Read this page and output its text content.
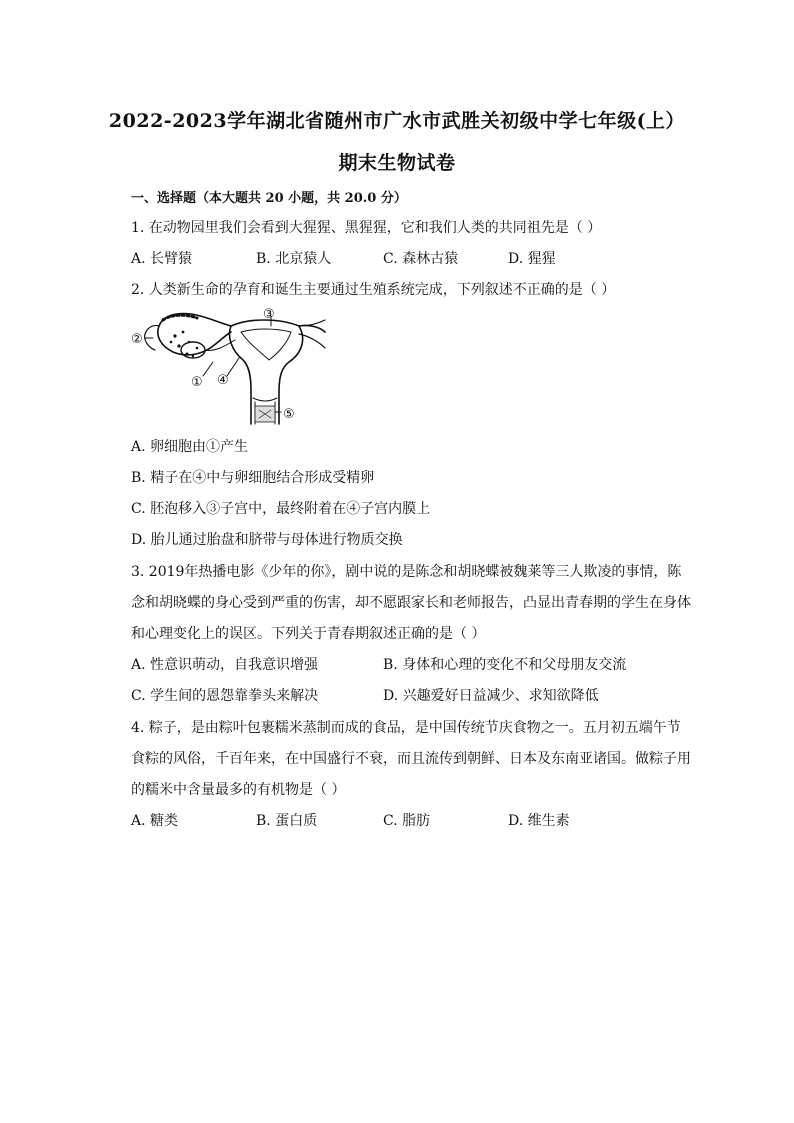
2022-2023学年湖北省随州市广水市武胜关初级中学七年级(上）
期末生物试卷
一、选择题（本大题共 20 小题，共 20.0 分）
1. 在动物园里我们会看到大猩猩、黑猩猩，它和我们人类的共同祖先是（ ）
A. 长臂猿	B. 北京猿人	C. 森林古猿	D. 猩猩
2. 人类新生命的孕育和诞生主要通过生殖系统完成，下列叙述不正确的是（ ）
②
③
① ④
⑤
A. 卵细胞由①产生
B. 精子在④中与卵细胞结合形成受精卵
C. 胚泡移入③子宫中，最终附着在④子宫内膜上
D. 胎儿通过胎盘和脐带与母体进行物质交换
3. 2019年热播电影《少年的你》，剧中说的是陈念和胡晓蝶被魏莱等三人欺凌的事情，陈
念和胡晓蝶的身心受到严重的伤害，却不愿跟家长和老师报告，凸显出青春期的学生在身体
和心理变化上的误区。下列关于青春期叙述正确的是（ ）
A. 性意识萌动，自我意识增强	B. 身体和心理的变化不和父母朋友交流
C. 学生间的恩怨靠拳头来解决	D. 兴趣爱好日益减少、求知欲降低
4. 粽子，是由粽叶包裹糯米蒸制而成的食品，是中国传统节庆食物之一。五月初五端午节
食粽的风俗，千百年来，在中国盛行不衰，而且流传到朝鲜、日本及东南亚诸国。做粽子用
的糯米中含量最多的有机物是（ ）
A. 糖类	B. 蛋白质	C. 脂肪	D. 维生素
